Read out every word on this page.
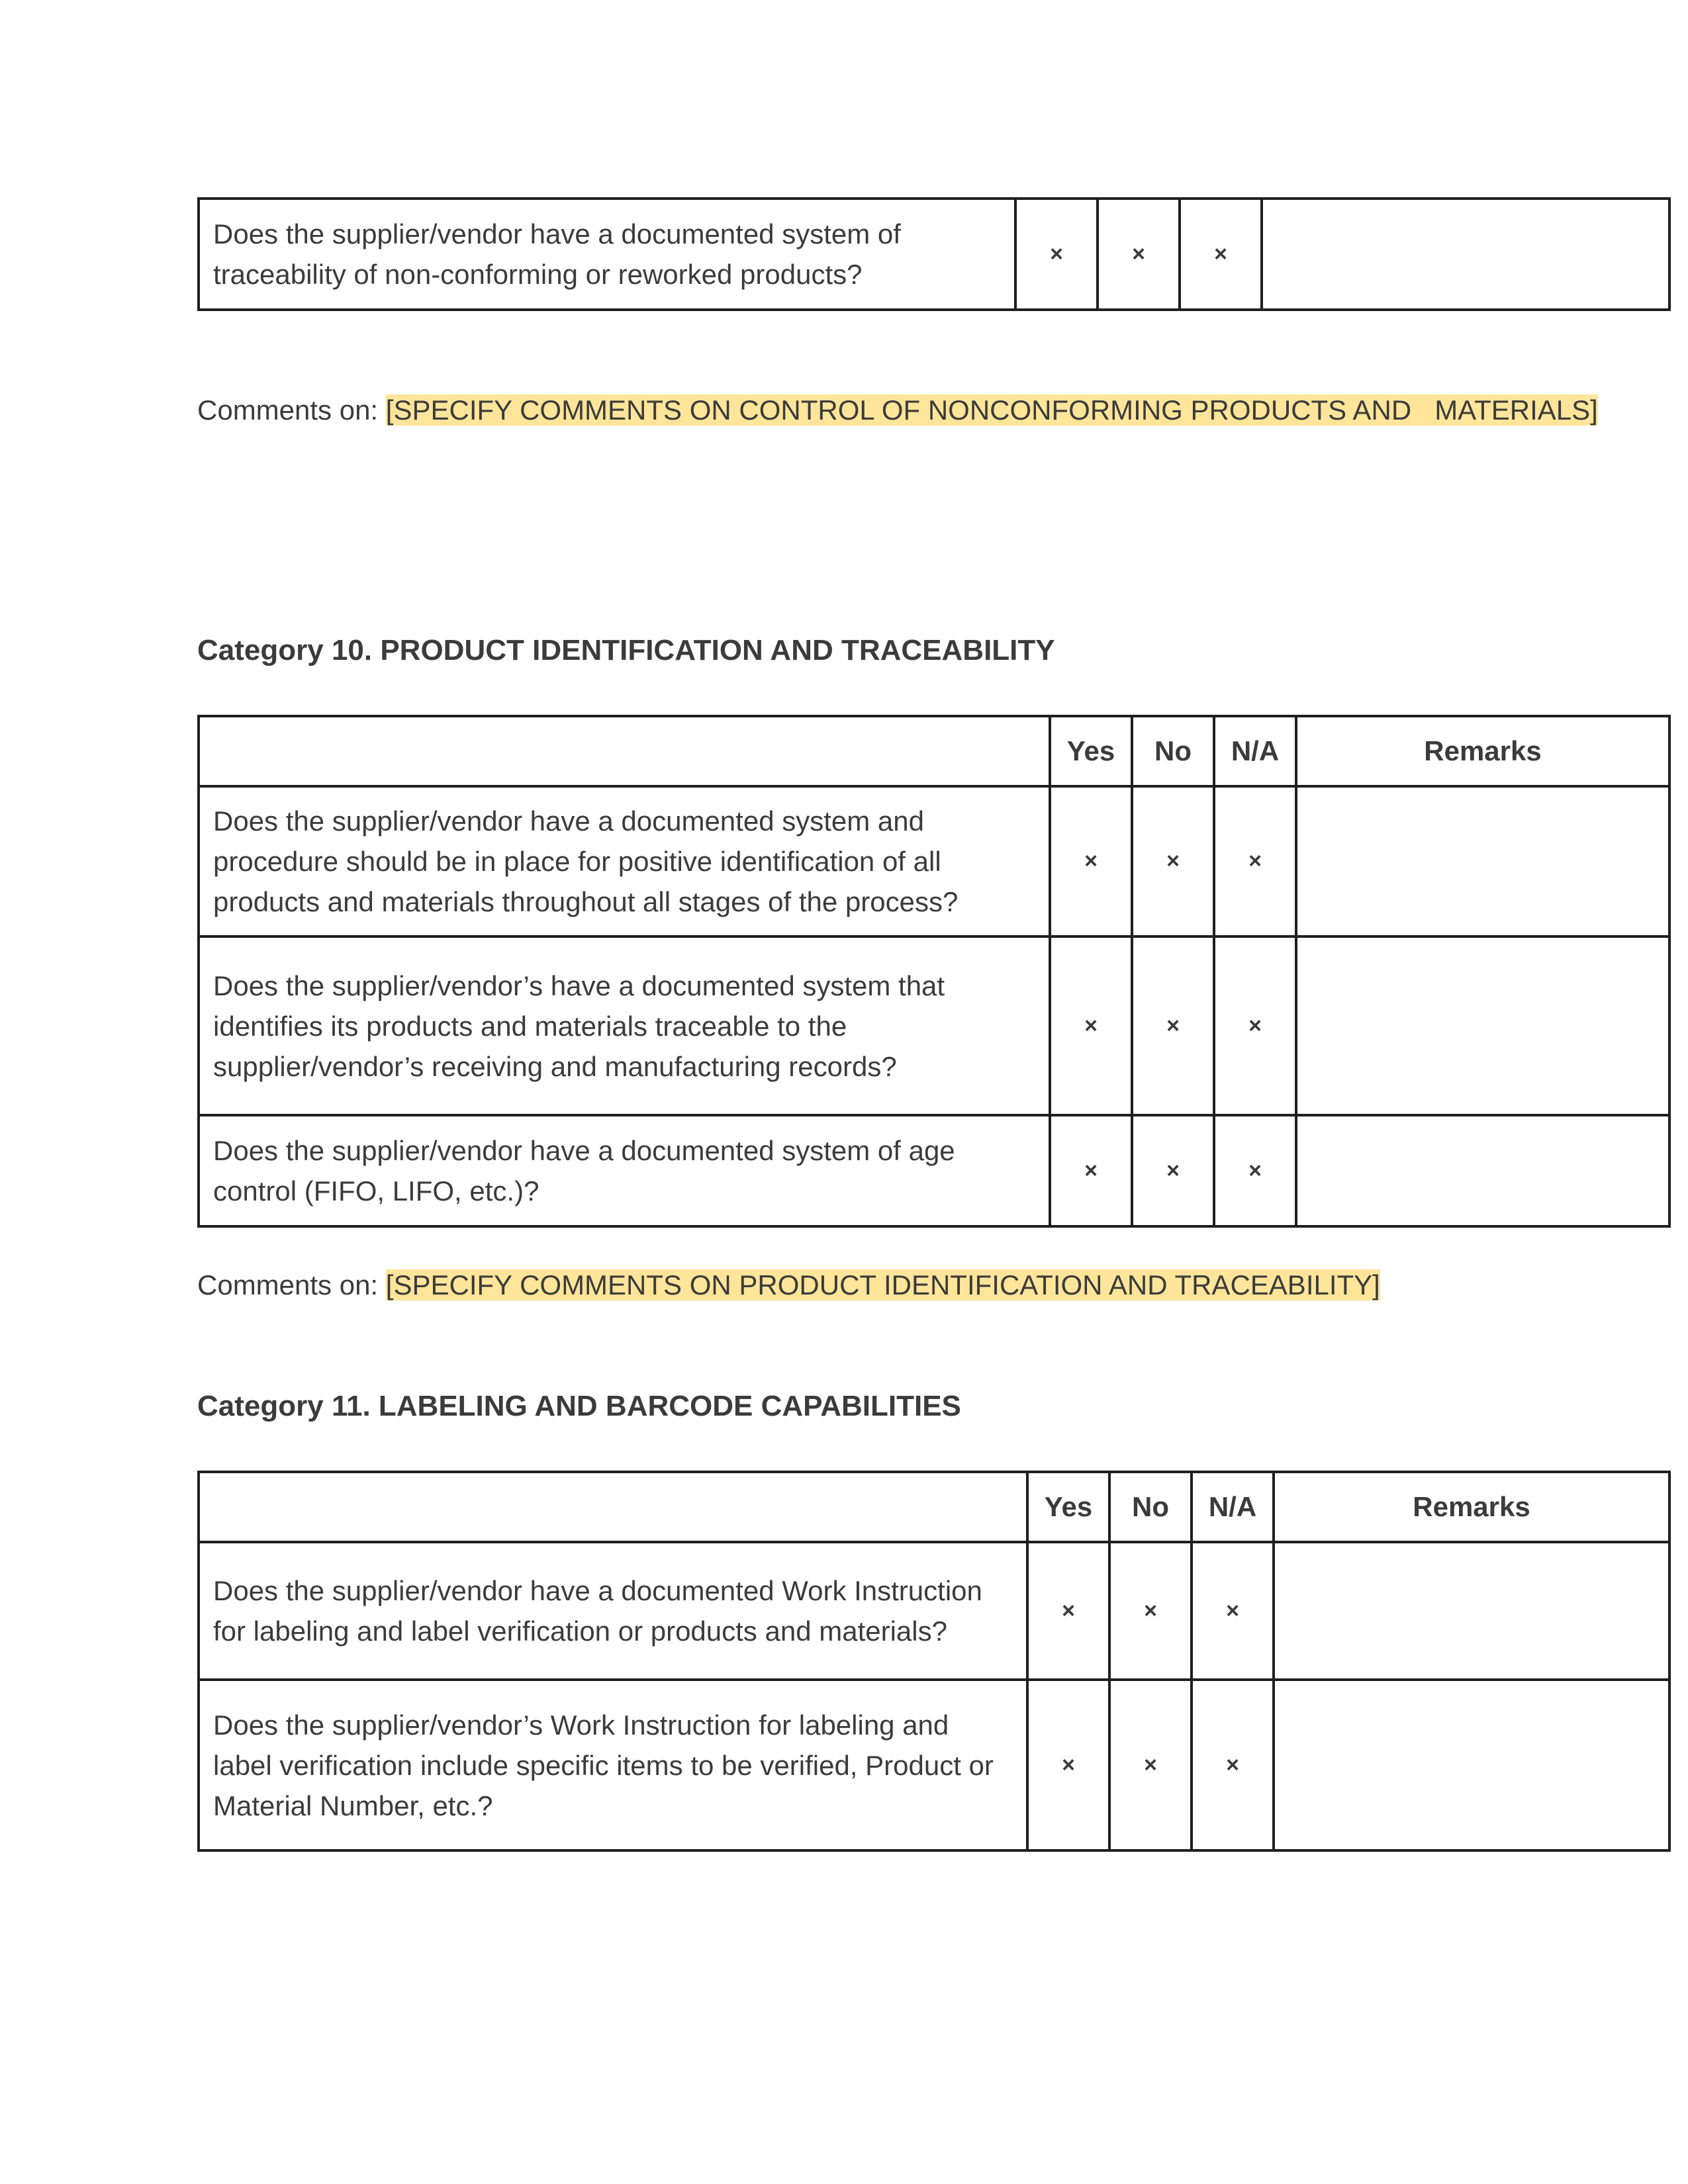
Does the supplier/vendor have a documented system of traceability of non-conforming or reworked products?	×	×	×	
Comments on: [SPECIFY COMMENTS ON CONTROL OF NONCONFORMING PRODUCTS AND   MATERIALS]
Category 10. PRODUCT IDENTIFICATION AND TRACEABILITY
	Yes	No	N/A	Remarks
Does the supplier/vendor have a documented system and procedure should be in place for positive identification of all products and materials throughout all stages of the process?	×	×	×	
Does the supplier/vendor’s have a documented system that identifies its products and materials traceable to the supplier/vendor’s receiving and manufacturing records?	×	×	×	
Does the supplier/vendor have a documented system of age control (FIFO, LIFO, etc.)?	×	×	×	
Comments on: [SPECIFY COMMENTS ON PRODUCT IDENTIFICATION AND TRACEABILITY]
Category 11. LABELING AND BARCODE CAPABILITIES
	Yes	No	N/A	Remarks
Does the supplier/vendor have a documented Work Instruction for labeling and label verification or products and materials?	×	×	×	
Does the supplier/vendor’s Work Instruction for labeling and label verification include specific items to be verified, Product or Material Number, etc.?	×	×	×	
